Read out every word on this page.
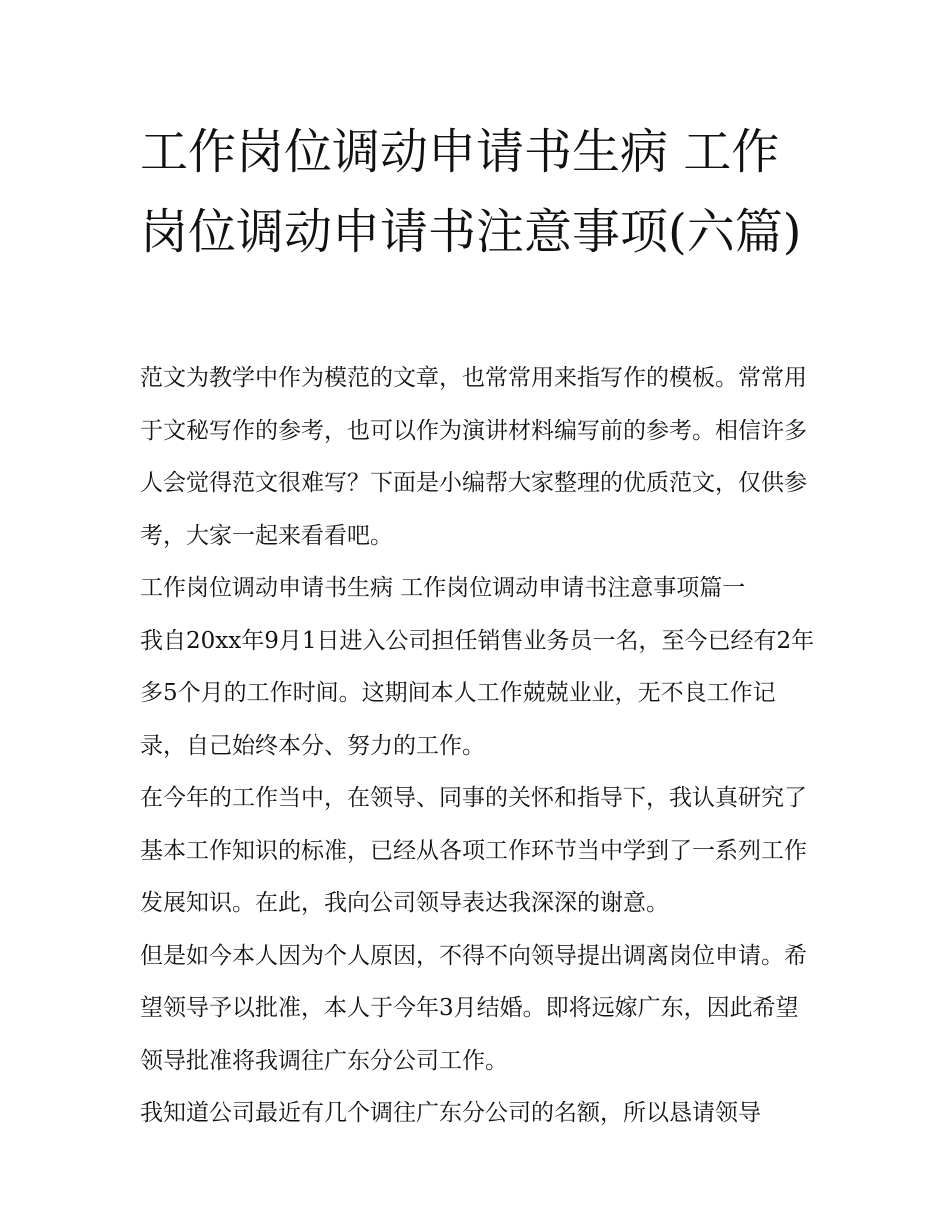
工作岗位调动申请书生病 工作岗位调动申请书注意事项(六篇)

范文为教学中作为模范的文章，也常常用来指写作的模板。常常用于文秘写作的参考，也可以作为演讲材料编写前的参考。相信许多人会觉得范文很难写？下面是小编帮大家整理的优质范文，仅供参考，大家一起来看看吧。

工作岗位调动申请书生病 工作岗位调动申请书注意事项篇一

我自20xx年9月1日进入公司担任销售业务员一名，至今已经有2年多5个月的工作时间。这期间本人工作兢兢业业，无不良工作记录，自己始终本分、努力的工作。

在今年的工作当中，在领导、同事的关怀和指导下，我认真研究了基本工作知识的标准，已经从各项工作环节当中学到了一系列工作发展知识。在此，我向公司领导表达我深深的谢意。

但是如今本人因为个人原因，不得不向领导提出调离岗位申请。希望领导予以批准，本人于今年3月结婚。即将远嫁广东，因此希望领导批准将我调往广东分公司工作。

我知道公司最近有几个调往广东分公司的名额，所以恳请领导
